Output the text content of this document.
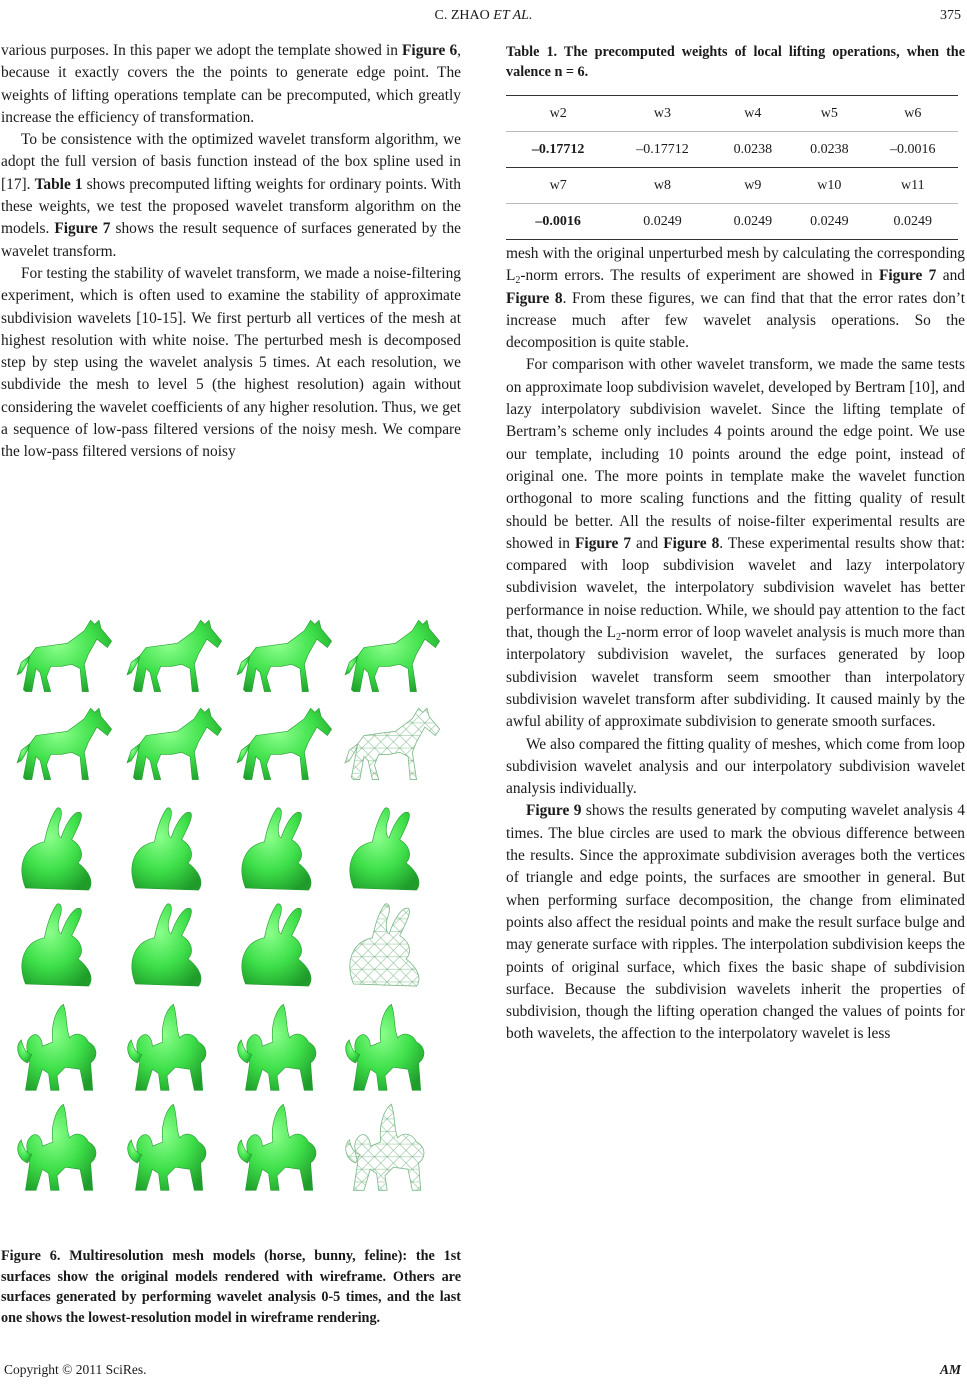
C. ZHAO ET AL.	375

various purposes. In this paper we adopt the template showed in Figure 6, because it exactly covers the the points to generate edge point. The weights of lifting operations template can be precomputed, which greatly increase the efficiency of transformation.

To be consistence with the optimized wavelet transform algorithm, we adopt the full version of basis function instead of the box spline used in [17]. Table 1 shows precomputed lifting weights for ordinary points. With these weights, we test the proposed wavelet transform algorithm on the models. Figure 7 shows the result sequence of surfaces generated by the wavelet transform.

For testing the stability of wavelet transform, we made a noise-filtering experiment, which is often used to examine the stability of approximate subdivision wavelets [10-15]. We first perturb all vertices of the mesh at highest resolution with white noise. The perturbed mesh is decomposed step by step using the wavelet analysis 5 times. At each resolution, we subdivide the mesh to level 5 (the highest resolution) again without considering the wavelet coefficients of any higher resolution. Thus, we get a sequence of low-pass filtered versions of the noisy mesh. We compare the low-pass filtered versions of noisy

Table 1. The precomputed weights of local lifting operations, when the valence n = 6.
w2	w3	w4	w5	w6
–0.17712	–0.17712	0.0238	0.0238	–0.0016
w7	w8	w9	w10	w11
–0.0016	0.0249	0.0249	0.0249	0.0249

mesh with the original unperturbed mesh by calculating the corresponding $L_2$-norm errors. The results of experiment are showed in Figure 7 and Figure 8. From these figures, we can find that that the error rates don’t increase much after few wavelet analysis operations. So the decomposition is quite stable.

For comparison with other wavelet transform, we made the same tests on approximate loop subdivision wavelet, developed by Bertram [10], and lazy interpolatory subdivision wavelet. Since the lifting template of Bertram’s scheme only includes 4 points around the edge point. We use our template, including 10 points around the edge point, instead of original one. The more points in template make the wavelet function orthogonal to more scaling functions and the fitting quality of result should be better. All the results of noise-filter experimental results are showed in Figure 7 and Figure 8. These experimental results show that: compared with loop subdivision wavelet and lazy interpolatory subdivision wavelet, the interpolatory subdivision wavelet has better performance in noise reduction. While, we should pay attention to the fact that, though the $L_2$-norm error of loop wavelet analysis is much more than interpolatory subdivision wavelet, the surfaces generated by loop subdivision wavelet transform seem smoother than interpolatory subdivision wavelet transform after subdividing. It caused mainly by the awful ability of approximate subdivision to generate smooth surfaces.

We also compared the fitting quality of meshes, which come from loop subdivision wavelet analysis and our interpolatory subdivision wavelet analysis individually.

Figure 9 shows the results generated by computing wavelet analysis 4 times. The blue circles are used to mark the obvious difference between the results. Since the approximate subdivision averages both the vertices of triangle and edge points, the surfaces are smoother in general. But when performing surface decomposition, the change from eliminated points also affect the residual points and make the result surface bulge and may generate surface with ripples. The interpolation subdivision keeps the points of original surface, which fixes the basic shape of subdivision surface. Because the subdivision wavelets inherit the properties of subdivision, though the lifting operation changed the values of points for both wavelets, the affection to the interpolatory wavelet is less

Figure 6. Multiresolution mesh models (horse, bunny, feline): the 1st surfaces show the original models rendered with wireframe. Others are surfaces generated by performing wavelet analysis 0-5 times, and the last one shows the lowest-resolution model in wireframe rendering.
Copyright © 2011 SciRes.	AM
